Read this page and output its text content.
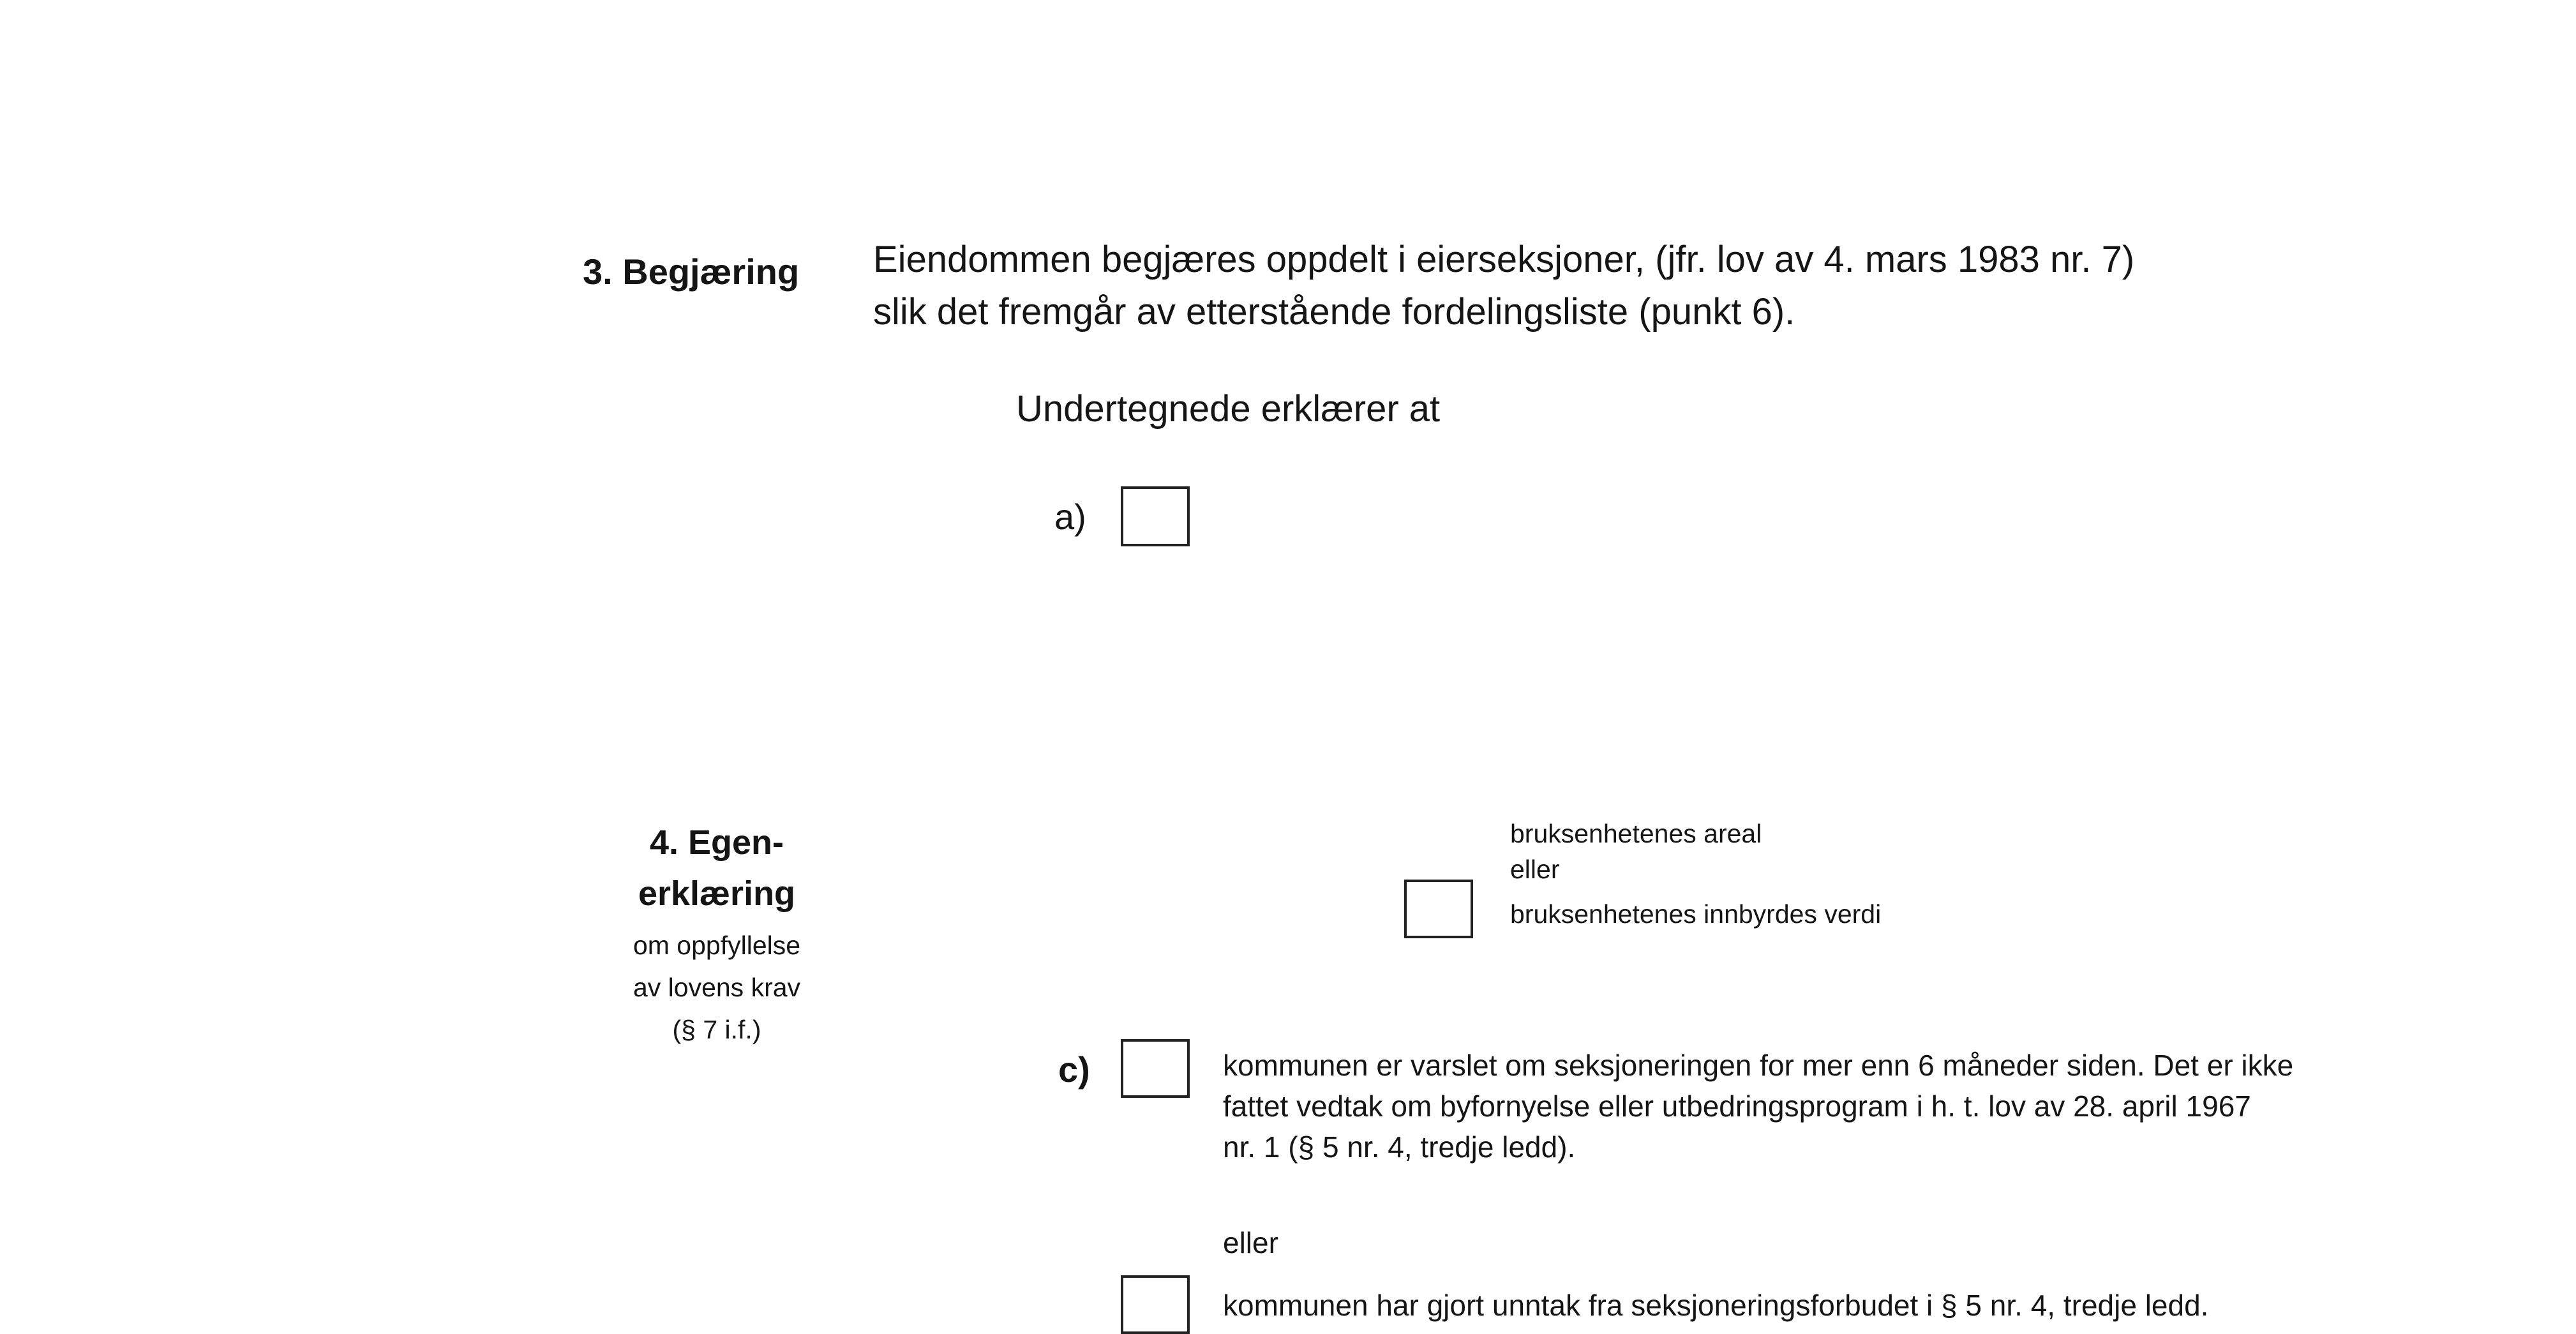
3. Begjæring Eiendommen begjæres oppdelt i eierseksjoner, (jfr. lov av 4. mars 1983 nr. 7)
slik det fremgår av etterstående fordelingsliste (punkt 6).
Undertegnede erklærer at
a)
4. Egen-
erklæring
om oppfyllelse
av lovens krav
(§ 7 i.f.)
bruksenhetenes areal
eller
bruksenhetenes innbyrdes verdi
c)	kommunen er varslet om seksjoneringen for mer enn 6 måneder siden. Det er ikke
fattet vedtak om byfornyelse eller utbedringsprogram i h. t. lov av 28. april 1967
nr. 1 (§ 5 nr. 4, tredje ledd).
eller
kommunen har gjort unntak fra seksjoneringsforbudet i § 5 nr. 4, tredje ledd.
